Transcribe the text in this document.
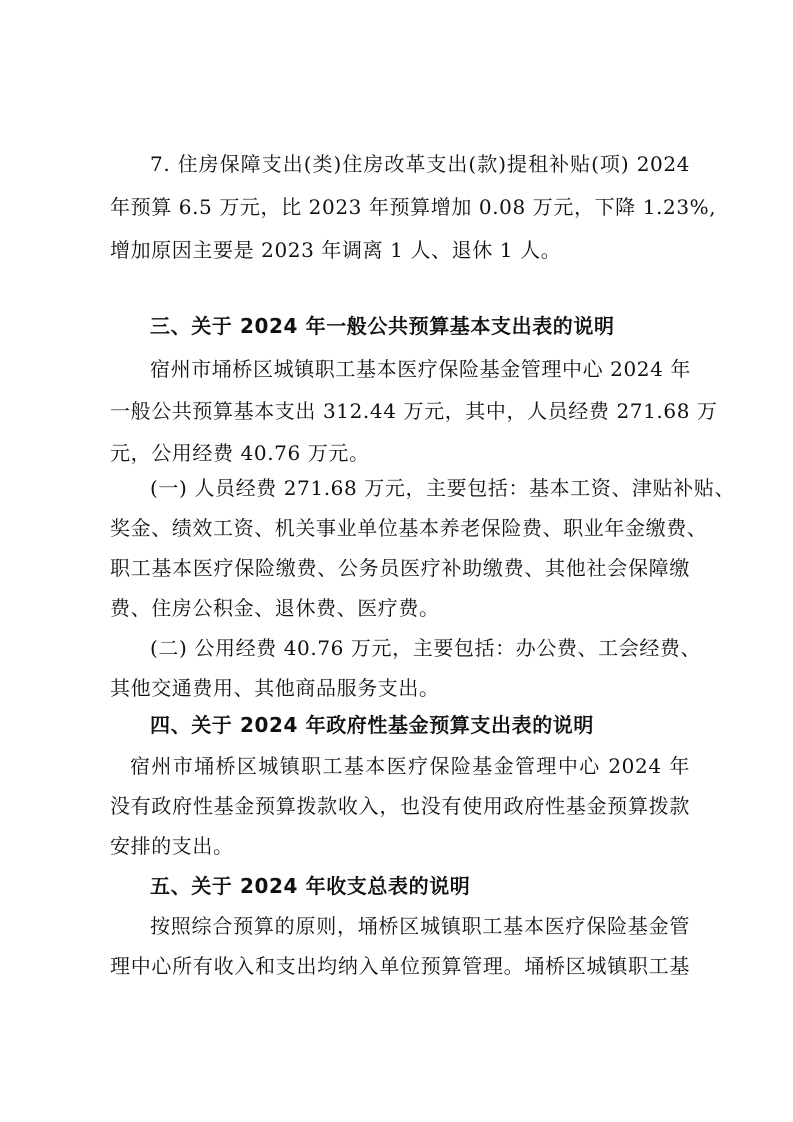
7. 住房保障支出(类)住房改革支出(款)提租补贴(项) 2024
年预算 6.5 万元，比 2023 年预算增加 0.08 万元，下降 1.23%,
增加原因主要是 2023 年调离 1 人、退休 1 人。
三、关于 2024 年一般公共预算基本支出表的说明
宿州市埇桥区城镇职工基本医疗保险基金管理中心 2024 年
一般公共预算基本支出 312.44 万元，其中，人员经费 271.68 万
元，公用经费 40.76 万元。
(一) 人员经费 271.68 万元，主要包括：基本工资、津贴补贴、
奖金、绩效工资、机关事业单位基本养老保险费、职业年金缴费、
职工基本医疗保险缴费、公务员医疗补助缴费、其他社会保障缴
费、住房公积金、退休费、医疗费。
(二) 公用经费 40.76 万元，主要包括：办公费、工会经费、
其他交通费用、其他商品服务支出。
四、关于 2024 年政府性基金预算支出表的说明
宿州市埇桥区城镇职工基本医疗保险基金管理中心 2024 年
没有政府性基金预算拨款收入，也没有使用政府性基金预算拨款
安排的支出。
五、关于 2024 年收支总表的说明
按照综合预算的原则，埇桥区城镇职工基本医疗保险基金管
理中心所有收入和支出均纳入单位预算管理。埇桥区城镇职工基
